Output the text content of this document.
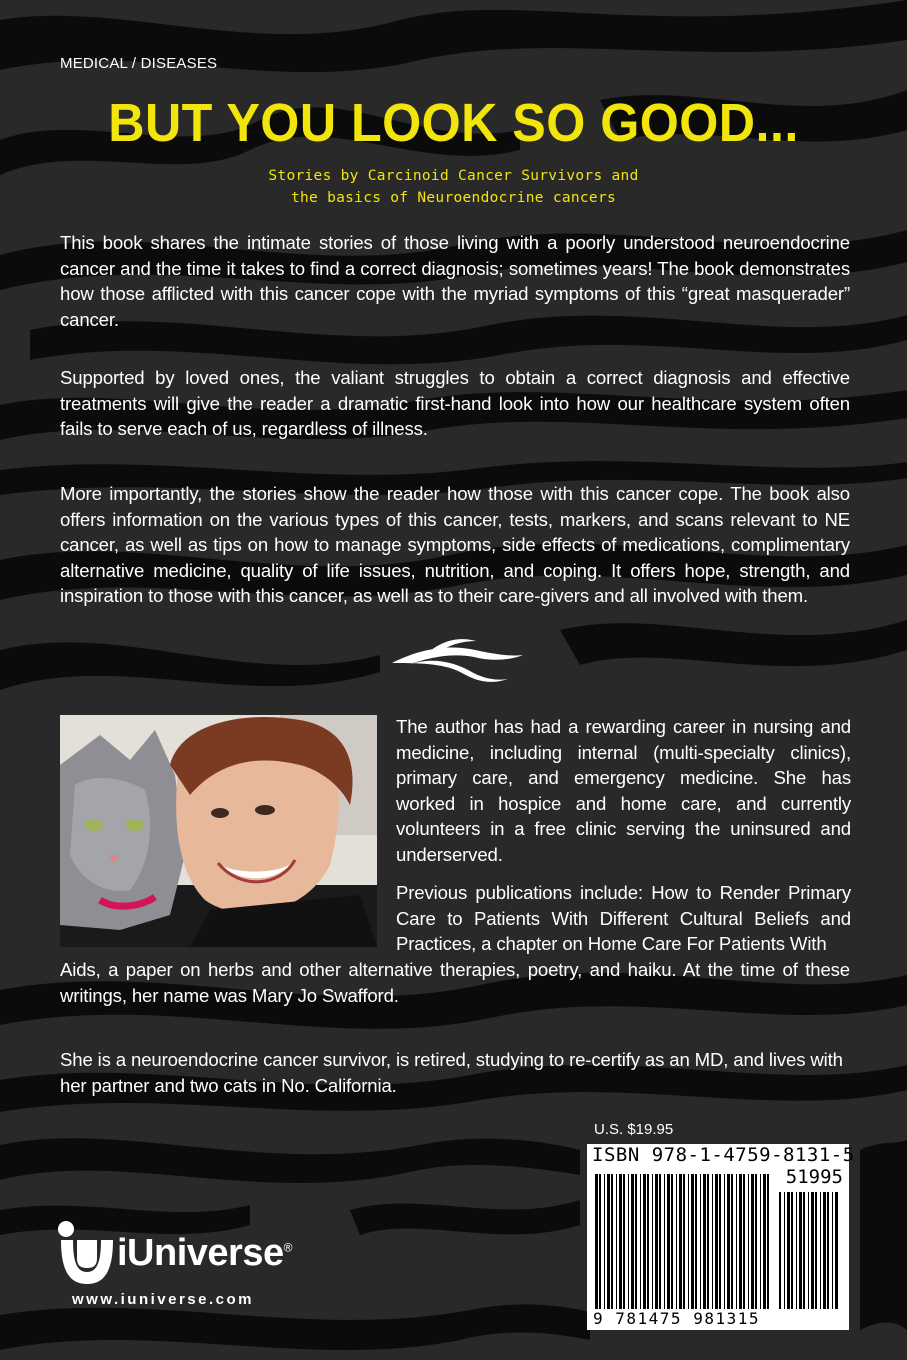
MEDICAL / DISEASES
BUT YOU LOOK SO GOOD...
Stories by Carcinoid Cancer Survivors and
the basics of Neuroendocrine cancers
This book shares the intimate stories of those living with a poorly understood neuroendocrine cancer and the time it takes to find a correct diagnosis; sometimes years! The book demonstrates how those afflicted with this cancer cope with the myriad symptoms of this “great masquerader” cancer.
Supported by loved ones, the valiant struggles to obtain a correct diagnosis and effective treatments will give the reader a dramatic first-hand look into how our healthcare system often fails to serve each of us, regardless of illness.
More importantly, the stories show the reader how those with this cancer cope. The book also offers information on the various types of this cancer, tests, markers, and scans relevant to NE cancer, as well as tips on how to manage symptoms, side effects of medications, complimentary alternative medicine, quality of life issues, nutrition, and coping. It offers hope, strength, and inspiration to those with this cancer, as well as to their care-givers and all involved with them.
The author has had a rewarding career in nursing and medicine, including internal (multi-specialty clinics), primary care, and emergency medicine. She has worked in hospice and home care, and currently volunteers in a free clinic serving the uninsured and underserved.
Previous publications include: How to Render Primary Care to Patients With Different Cultural Beliefs and Practices, a chapter on Home Care For Patients With
Aids, a paper on herbs and other alternative therapies, poetry, and haiku. At the time of these writings, her name was Mary Jo Swafford.
She is a neuroendocrine cancer survivor, is retired, studying to re-certify as an MD, and lives with her partner and two cats in No. California.
U.S. $19.95
ISBN 978-1-4759-8131-5
51995
9 781475 981315
iUniverse®
www.iuniverse.com
